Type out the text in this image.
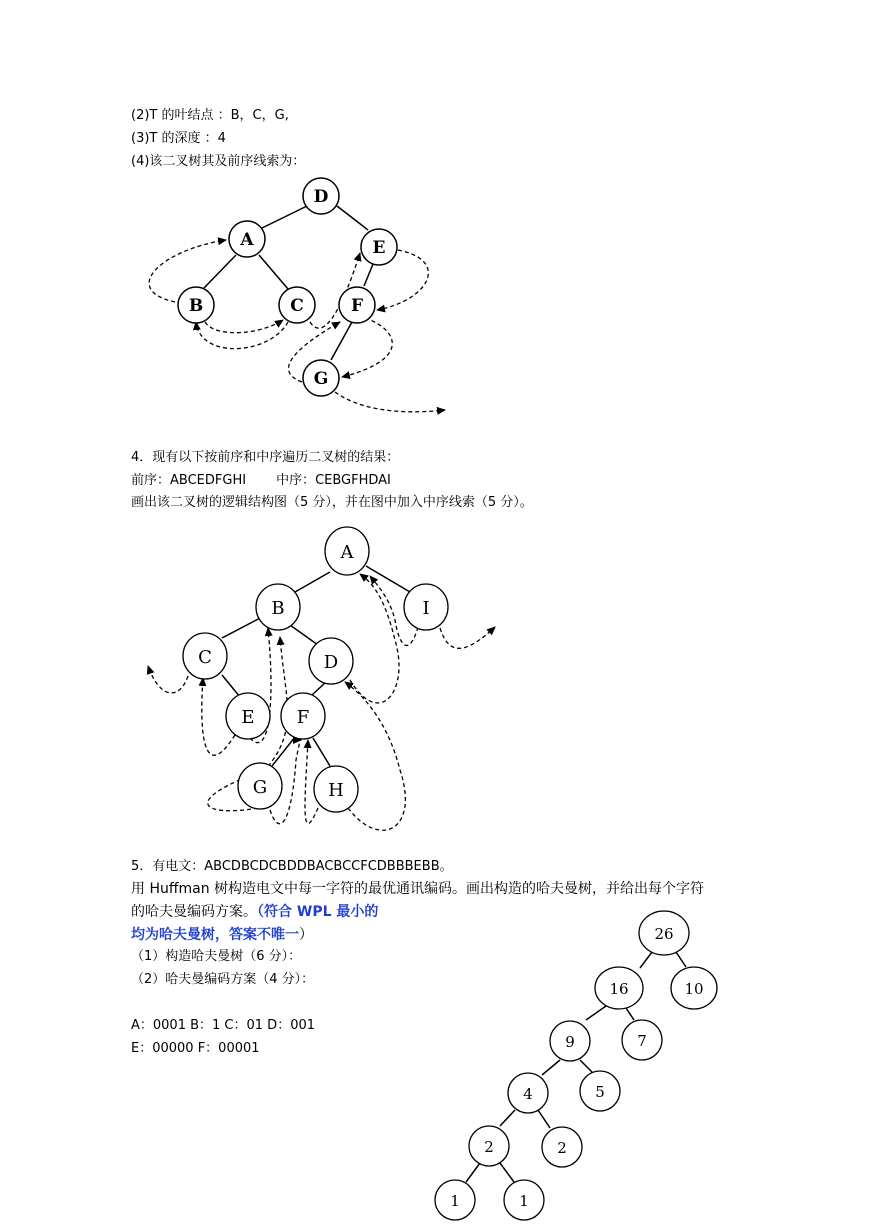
(2)T 的叶结点 ：B，C，G,
(3)T 的深度 ：4
(4)该二叉树其及前序线索为：
D
A	E
B	C	F
G
4．现有以下按前序和中序遍历二叉树的结果：
前序：ABCEDFGHI 中序：CEBGFHDAI
画出该二叉树的逻辑结构图（5 分），并在图中加入中序线索（5 分）。
A
B	I
C	D
E F
G	H
5．有电文：ABCDBCDCBDDBACBCCFCDBBBEBB。
用 Huffman 树构造电文中每一字符的最优通讯编码。画出构造的哈夫曼树，并给出每个字符
的哈夫曼编码方案。（符合 WPL 最小的
均为哈夫曼树，答案不唯一）
（1）构造哈夫曼树（6 分）：
（2）哈夫曼编码方案（4 分）：
A：0001 B：1 C：01 D：001
E：00000 F：00001
26
16	10
9	7
4	5
2	2
1	1
